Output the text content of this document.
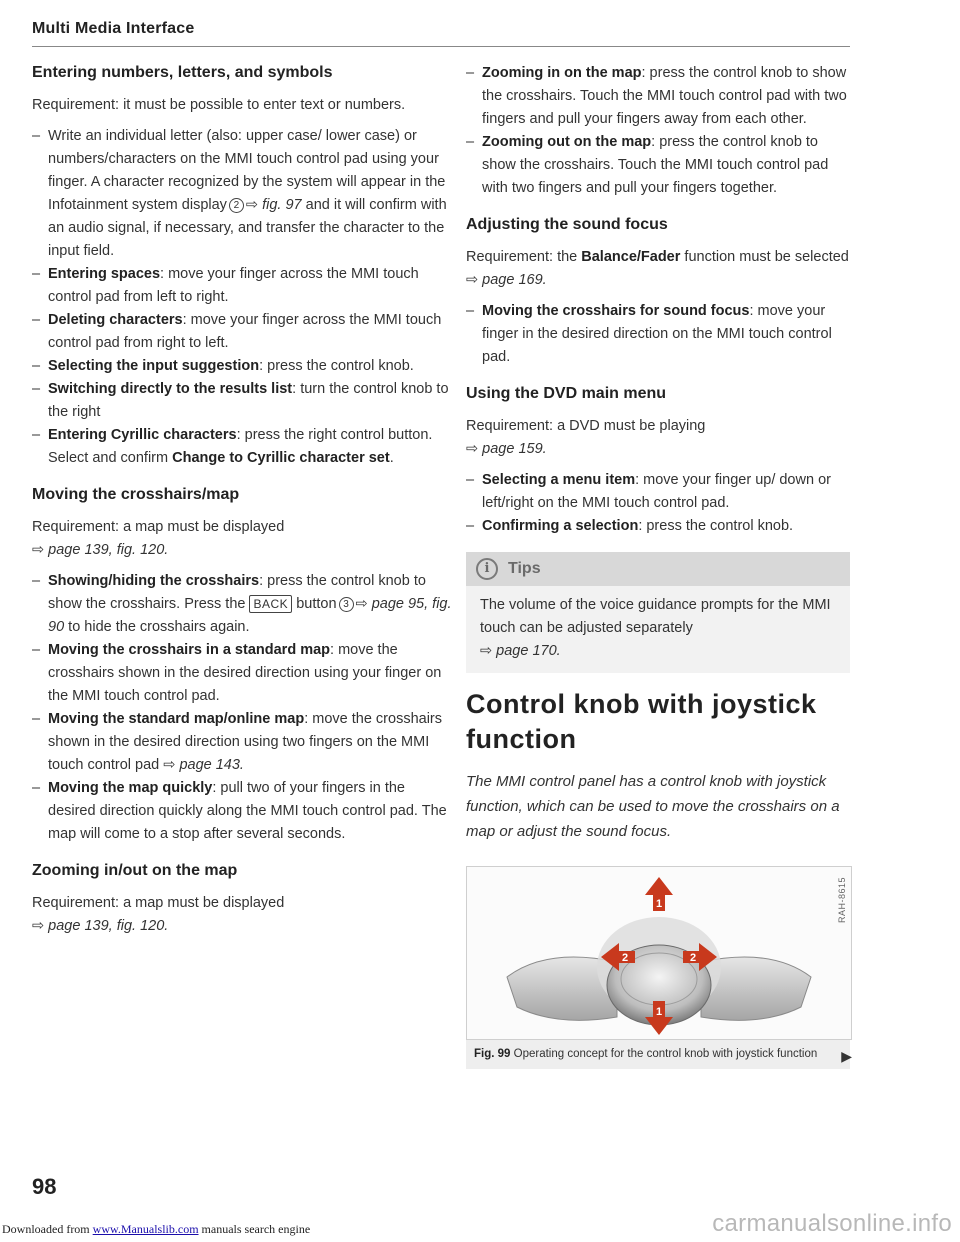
Multi Media Interface
Entering numbers, letters, and symbols

Requirement: it must be possible to enter text or numbers.

– Write an individual letter (also: upper case/ lower case) or numbers/characters on the MMI touch control pad using your finger. A character recognized by the system will appear in the Infotainment system display 2 ⇨ fig. 97 and it will confirm with an audio signal, if necessary, and transfer the character to the input field.
– Entering spaces: move your finger across the MMI touch control pad from left to right.
– Deleting characters: move your finger across the MMI touch control pad from right to left.
– Selecting the input suggestion: press the control knob.
– Switching directly to the results list: turn the control knob to the right
– Entering Cyrillic characters: press the right control button. Select and confirm Change to Cyrillic character set.
Moving the crosshairs/map

Requirement: a map must be displayed
⇨ page 139, fig. 120.

– Showing/hiding the crosshairs: press the control knob to show the crosshairs. Press the BACK button 3 ⇨ page 95, fig. 90 to hide the crosshairs again.
– Moving the crosshairs in a standard map: move the crosshairs shown in the desired direction using your finger on the MMI touch control pad.
– Moving the standard map/online map: move the crosshairs shown in the desired direction using two fingers on the MMI touch control pad ⇨ page 143.
– Moving the map quickly: pull two of your fingers in the desired direction quickly along the MMI touch control pad. The map will come to a stop after several seconds.
Zooming in/out on the map

Requirement: a map must be displayed
⇨ page 139, fig. 120.

– Zooming in on the map: press the control knob to show the crosshairs. Touch the MMI touch control pad with two fingers and pull your fingers away from each other.
– Zooming out on the map: press the control knob to show the crosshairs. Touch the MMI touch control pad with two fingers and pull your fingers together.
Adjusting the sound focus

Requirement: the Balance/Fader function must be selected ⇨ page 169.

– Moving the crosshairs for sound focus: move your finger in the desired direction on the MMI touch control pad.
Using the DVD main menu

Requirement: a DVD must be playing
⇨ page 159.

– Selecting a menu item: move your finger up/ down or left/right on the MMI touch control pad.
– Confirming a selection: press the control knob.
i	Tips
The volume of the voice guidance prompts for the MMI touch can be adjusted separately
⇨ page 170.
Control knob with joystick function
The MMI control panel has a control knob with joystick function, which can be used to move the crosshairs on a map or adjust the sound focus.
RAH-8615
1
2	2
1
Fig. 99 Operating concept for the control knob with joystick function ▶
98
Downloaded from www.Manualslib.com manuals search engine	carmanualsonline.info
